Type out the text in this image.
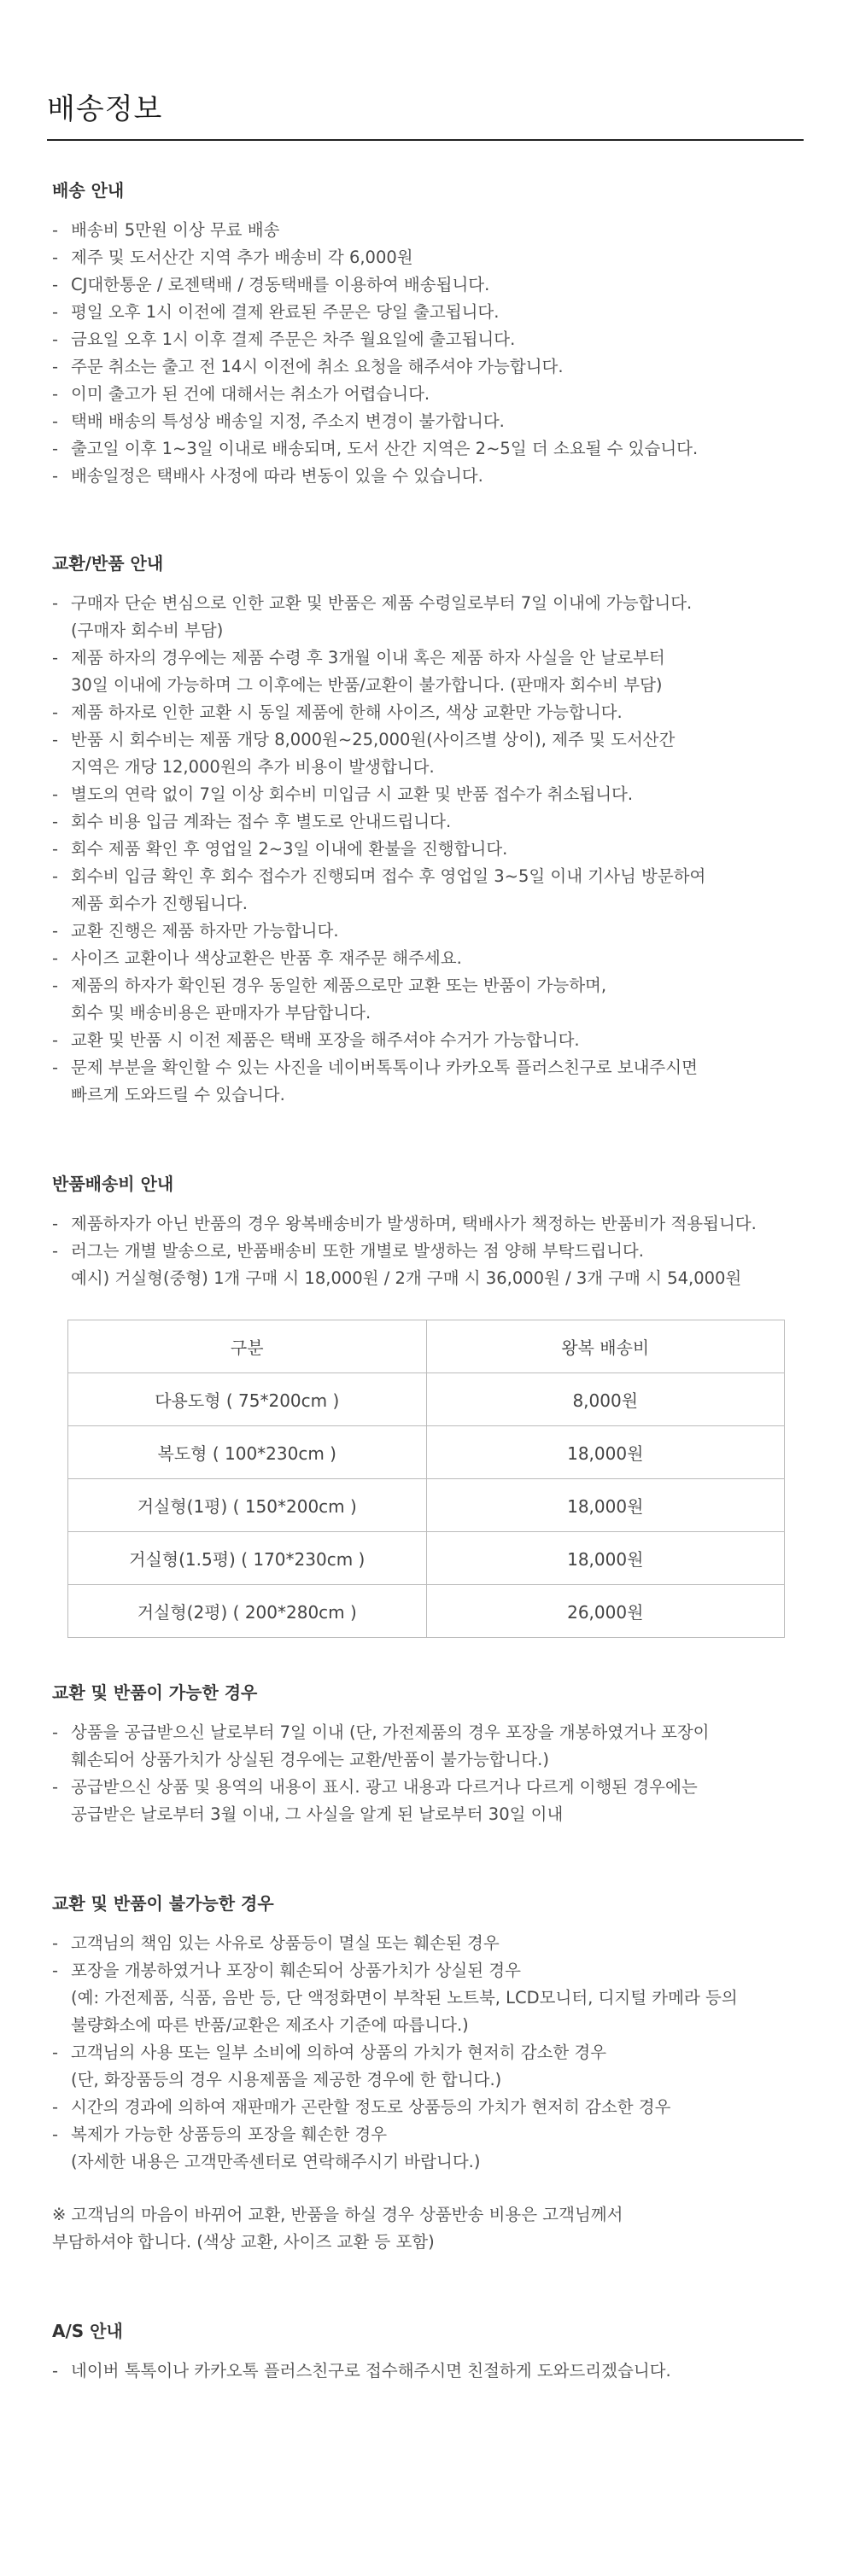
배송정보
배송 안내
- 배송비 5만원 이상 무료 배송
- 제주 및 도서산간 지역 추가 배송비 각 6,000원
- CJ대한통운 / 로젠택배 / 경동택배를 이용하여 배송됩니다.
- 평일 오후 1시 이전에 결제 완료된 주문은 당일 출고됩니다.
- 금요일 오후 1시 이후 결제 주문은 차주 월요일에 출고됩니다.
- 주문 취소는 출고 전 14시 이전에 취소 요청을 해주셔야 가능합니다.
- 이미 출고가 된 건에 대해서는 취소가 어렵습니다.
- 택배 배송의 특성상 배송일 지정, 주소지 변경이 불가합니다.
- 출고일 이후 1~3일 이내로 배송되며, 도서 산간 지역은 2~5일 더 소요될 수 있습니다.
- 배송일정은 택배사 사정에 따라 변동이 있을 수 있습니다.
교환/반품 안내
- 구매자 단순 변심으로 인한 교환 및 반품은 제품 수령일로부터 7일 이내에 가능합니다.
(구매자 회수비 부담)
- 제품 하자의 경우에는 제품 수령 후 3개월 이내 혹은 제품 하자 사실을 안 날로부터
30일 이내에 가능하며 그 이후에는 반품/교환이 불가합니다. (판매자 회수비 부담)
- 제품 하자로 인한 교환 시 동일 제품에 한해 사이즈, 색상 교환만 가능합니다.
- 반품 시 회수비는 제품 개당 8,000원~25,000원(사이즈별 상이), 제주 및 도서산간
지역은 개당 12,000원의 추가 비용이 발생합니다.
- 별도의 연락 없이 7일 이상 회수비 미입금 시 교환 및 반품 접수가 취소됩니다.
- 회수 비용 입금 계좌는 접수 후 별도로 안내드립니다.
- 회수 제품 확인 후 영업일 2~3일 이내에 환불을 진행합니다.
- 회수비 입금 확인 후 회수 접수가 진행되며 접수 후 영업일 3~5일 이내 기사님 방문하여
제품 회수가 진행됩니다.
- 교환 진행은 제품 하자만 가능합니다.
- 사이즈 교환이나 색상교환은 반품 후 재주문 해주세요.
- 제품의 하자가 확인된 경우 동일한 제품으로만 교환 또는 반품이 가능하며,
회수 및 배송비용은 판매자가 부담합니다.
- 교환 및 반품 시 이전 제품은 택배 포장을 해주셔야 수거가 가능합니다.
- 문제 부분을 확인할 수 있는 사진을 네이버톡톡이나 카카오톡 플러스친구로 보내주시면
빠르게 도와드릴 수 있습니다.
반품배송비 안내
- 제품하자가 아닌 반품의 경우 왕복배송비가 발생하며, 택배사가 책정하는 반품비가 적용됩니다.
- 러그는 개별 발송으로, 반품배송비 또한 개별로 발생하는 점 양해 부탁드립니다.

예시) 거실형(중형) 1개 구매 시 18,000원 / 2개 구매 시 36,000원 / 3개 구매 시 54,000원

구분	왕복 배송비
다용도형 ( 75*200cm )	8,000원
복도형 ( 100*230cm )	18,000원
거실형(1평) ( 150*200cm )	18,000원
거실형(1.5평) ( 170*230cm )	18,000원
거실형(2평) ( 200*280cm )	26,000원
교환 및 반품이 가능한 경우
- 상품을 공급받으신 날로부터 7일 이내 (단, 가전제품의 경우 포장을 개봉하였거나 포장이
훼손되어 상품가치가 상실된 경우에는 교환/반품이 불가능합니다.)
- 공급받으신 상품 및 용역의 내용이 표시. 광고 내용과 다르거나 다르게 이행된 경우에는
공급받은 날로부터 3월 이내, 그 사실을 알게 된 날로부터 30일 이내
교환 및 반품이 불가능한 경우
- 고객님의 책임 있는 사유로 상품등이 멸실 또는 훼손된 경우
- 포장을 개봉하였거나 포장이 훼손되어 상품가치가 상실된 경우
(예: 가전제품, 식품, 음반 등, 단 액정화면이 부착된 노트북, LCD모니터, 디지털 카메라 등의
불량화소에 따른 반품/교환은 제조사 기준에 따릅니다.)
- 고객님의 사용 또는 일부 소비에 의하여 상품의 가치가 현저히 감소한 경우
(단, 화장품등의 경우 시용제품을 제공한 경우에 한 합니다.)
- 시간의 경과에 의하여 재판매가 곤란할 정도로 상품등의 가치가 현저히 감소한 경우
- 복제가 가능한 상품등의 포장을 훼손한 경우
(자세한 내용은 고객만족센터로 연락해주시기 바랍니다.)

※ 고객님의 마음이 바뀌어 교환, 반품을 하실 경우 상품반송 비용은 고객님께서
부담하셔야 합니다. (색상 교환, 사이즈 교환 등 포함)

A/S 안내
- 네이버 톡톡이나 카카오톡 플러스친구로 접수해주시면 친절하게 도와드리겠습니다.
